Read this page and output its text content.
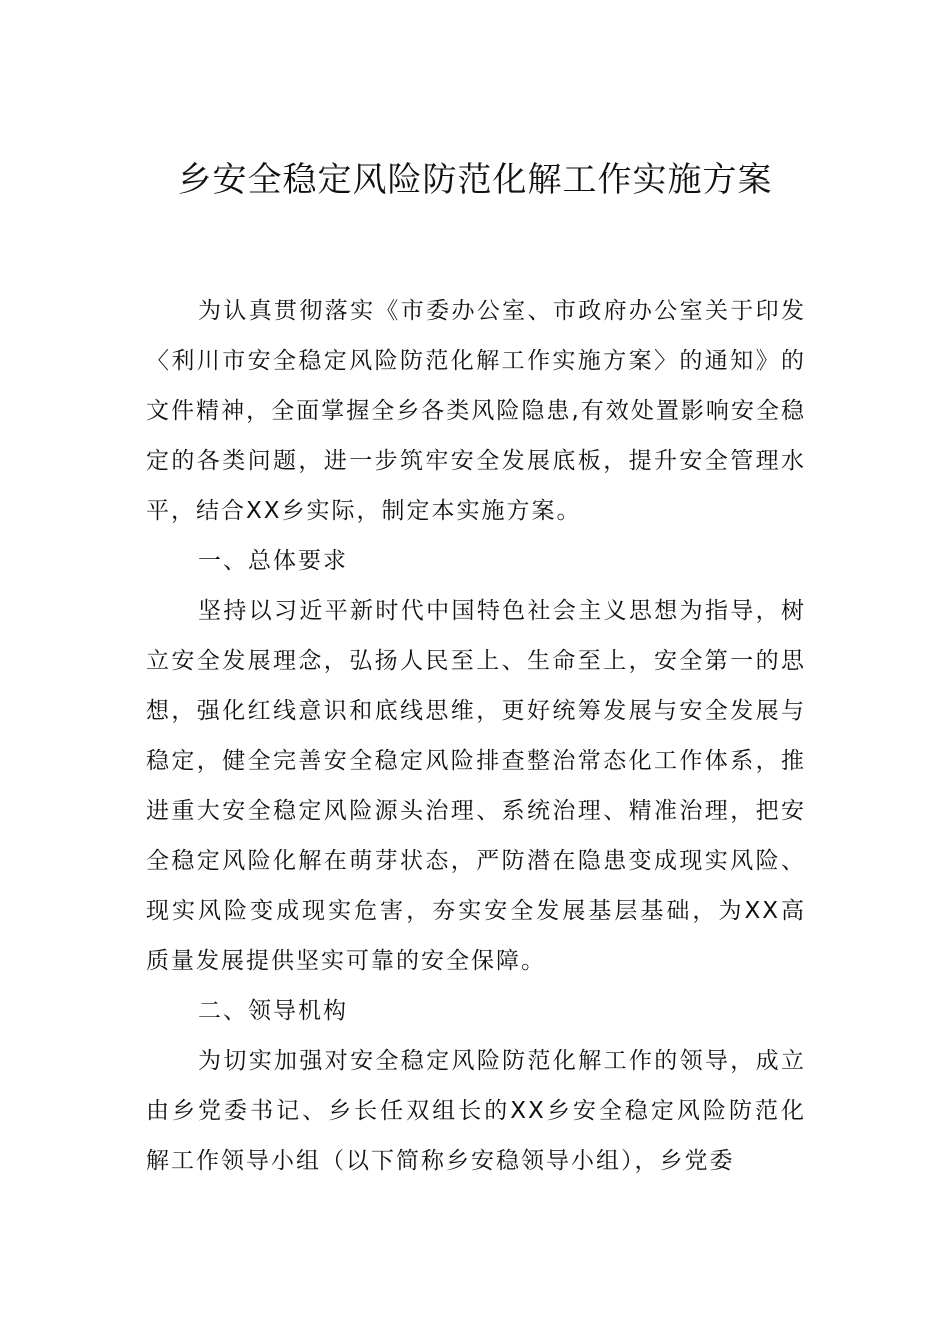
乡安全稳定风险防范化解工作实施方案

为认真贯彻落实《市委办公室、市政府办公室关于印发〈利川市安全稳定风险防范化解工作实施方案〉的通知》的文件精神，全面掌握全乡各类风险隐患,有效处置影响安全稳定的各类问题，进一步筑牢安全发展底板，提升安全管理水平，结合XX乡实际，制定本实施方案。

一、总体要求

坚持以习近平新时代中国特色社会主义思想为指导，树立安全发展理念，弘扬人民至上、生命至上，安全第一的思想，强化红线意识和底线思维，更好统筹发展与安全发展与稳定，健全完善安全稳定风险排查整治常态化工作体系，推进重大安全稳定风险源头治理、系统治理、精准治理，把安全稳定风险化解在萌芽状态，严防潜在隐患变成现实风险、现实风险变成现实危害，夯实安全发展基层基础，为XX高质量发展提供坚实可靠的安全保障。

二、领导机构

为切实加强对安全稳定风险防范化解工作的领导，成立由乡党委书记、乡长任双组长的XX乡安全稳定风险防范化解工作领导小组（以下简称乡安稳领导小组），乡党委
